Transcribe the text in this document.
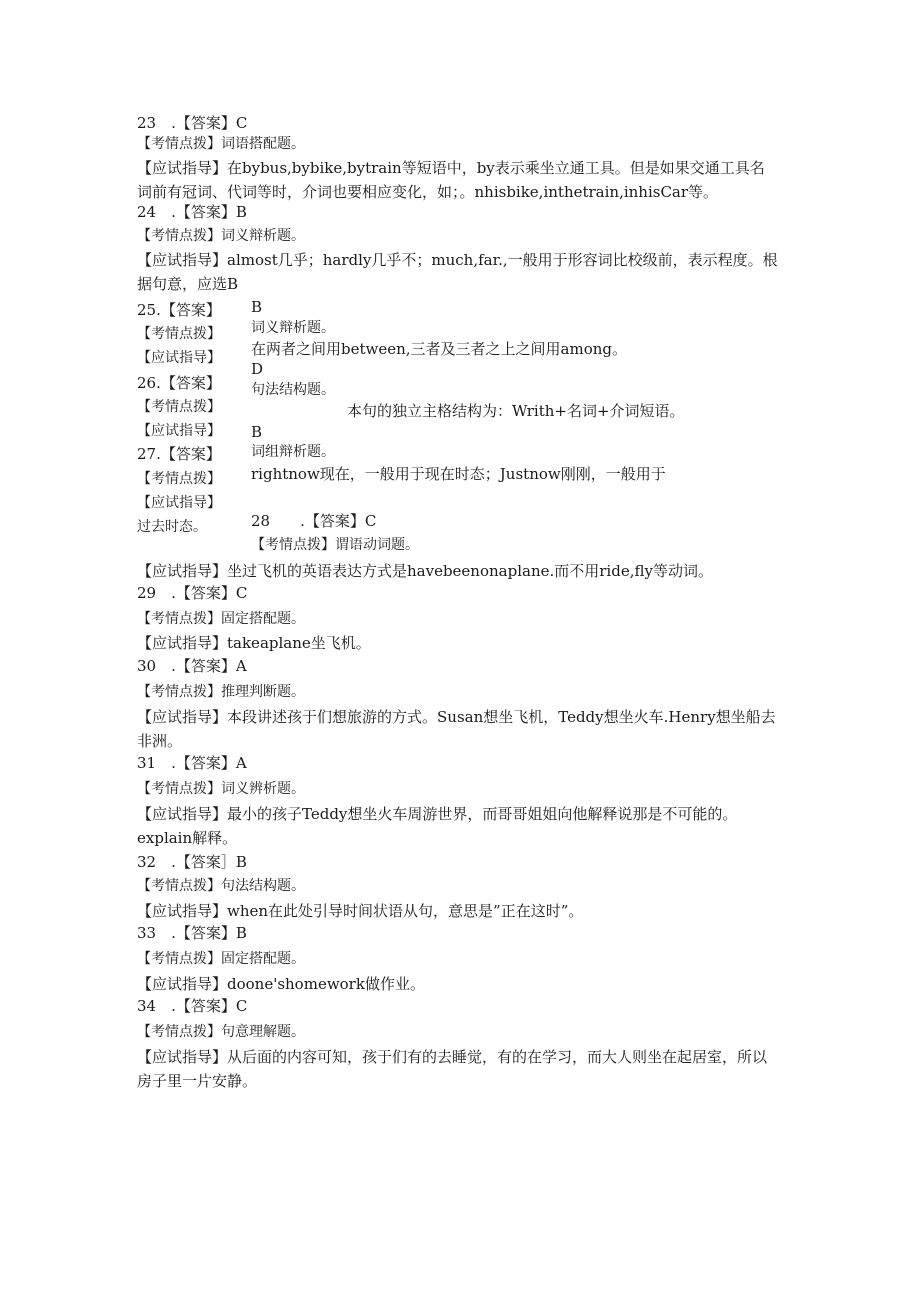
23　.【答案】C
【考情点拨】词语搭配题。
【应试指导】在bybus,bybike,bytrain等短语中，by表示乘坐立通工具。但是如果交通工具名
词前有冠词、代词等时，介词也要相应变化，如；。nhisbike,inthetrain,inhisCar等。
24　.【答案】B
【考情点拨】词义辩析题。
【应试指导】almost几乎；hardly几乎不；much,far.,一般用于形容词比校级前，表示程度。根
据句意，应选B
25.【答案】
【考情点拨】
【应试指导】
26.【答案】
【考情点拨】
【应试指导】
27.【答案】
【考情点拨】
【应试指导】
过去时态。
B
词义辩析题。
在两者之间用between,三者及三者之上之间用among。
D
句法结构题。
本句的独立主格结构为：Writh+名词+介词短语。
B
词组辩析题。
rightnow现在，一般用于现在时态；Justnow刚刚，一般用于
28　　.【答案】C
【考情点拨】谓语动词题。
【应试指导】坐过飞机的英语表达方式是havebeenonaplane.而不用ride,fly等动词。
29　.【答案】C
【考情点拨】固定搭配题。
【应试指导】takeaplane坐飞机。
30　.【答案】A
【考情点拨】推理判断题。
【应试指导】本段讲述孩于们想旅游的方式。Susan想坐飞机，Teddy想坐火车.Henry想坐船去
非洲。
31　.【答案】A
【考情点拨】词义辨析题。
【应试指导】最小的孩子Teddy想坐火车周游世界，而哥哥姐姐向他解释说那是不可能的。
explain解释。
32　.【答案］B
【考情点拨】句法结构题。
【应试指导】when在此处引导时间状语从句，意思是”正在这时”。
33　.【答案】B
【考情点拨】固定搭配题。
【应试指导】doone'shomework做作业。
34　.【答案】C
【考情点拨】句意理解题。
【应试指导】从后面的内容可知，孩于们有的去睡觉，有的在学习，而大人则坐在起居室，所以
房子里一片安静。
